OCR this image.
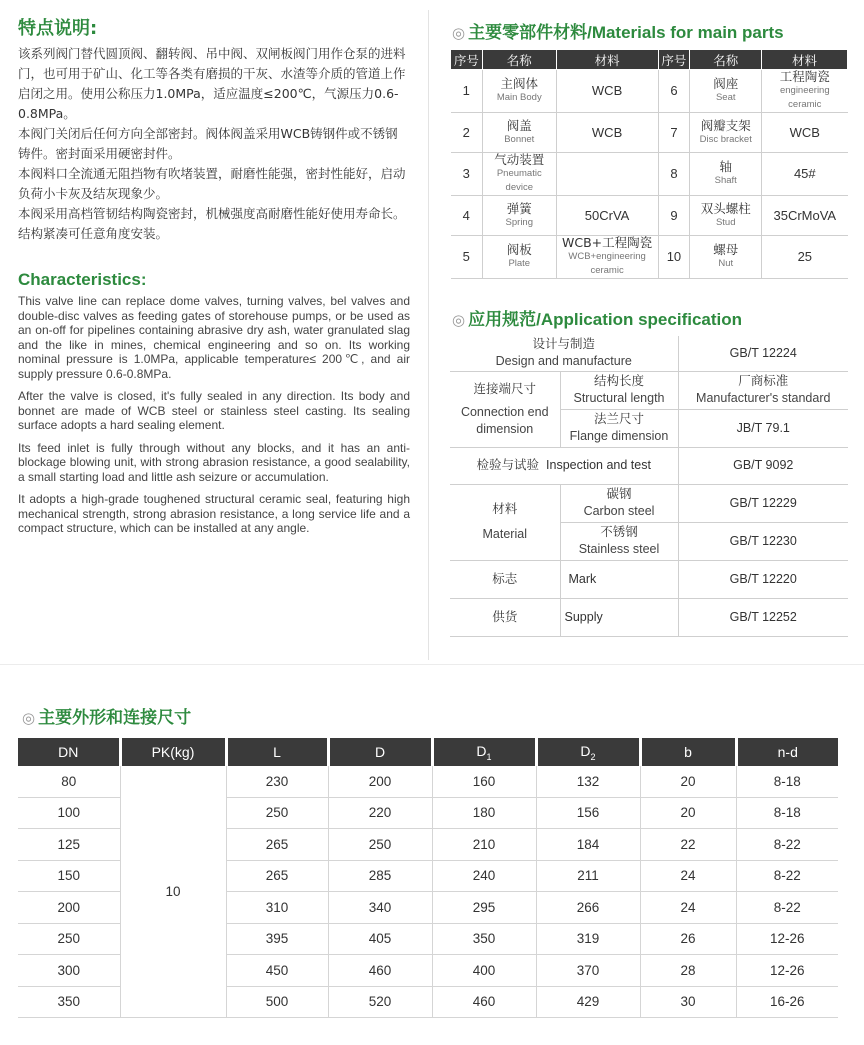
特点说明:

该系列阀门替代圆顶阀、翻转阀、吊中阀、双闸板阀门用作仓泵的进料门，也可用于矿山、化工等各类有磨损的干灰、水渣等介质的管道上作启闭之用。使用公称压力1.0MPa，适应温度≤200℃，气源压力0.6-0.8MPa。

本阀门关闭后任何方向全部密封。阀体阀盖采用WCB铸钢件或不锈钢铸件。密封面采用硬密封件。

本阀料口全流通无阻挡物有吹堵装置，耐磨性能强，密封性能好，启动负荷小卡灰及结灰现象少。

本阀采用高档管韧结构陶瓷密封，机械强度高耐磨性能好使用寿命长。结构紧凑可任意角度安装。

Characteristics:

This valve line can replace dome valves, turning valves, bel valves and double-disc valves as feeding gates of storehouse pumps, or be used as an on-off for pipelines containing abrasive dry ash, water granulated slag and the like in mines, chemical engineering and so on. Its working nominal pressure is 1.0MPa, applicable temperature≤ 200℃, and air supply pressure 0.6-0.8MPa.

After the valve is closed, it's fully sealed in any direction. Its body and bonnet are made of WCB steel or stainless steel casting. Its sealing surface adopts a hard sealing element.

Its feed inlet is fully through without any blocks, and it has an anti-blockage blowing unit, with strong abrasion resistance, a good sealability, a small starting load and little ash seizure or accumulation.

It adopts a high-grade toughened structural ceramic seal, featuring high mechanical strength, strong abrasion resistance, a long service life and a compact structure, which can be installed at any angle.

◎ 主要零部件材料/Materials for main parts
序号	名称	材料	序号	名称	材料
1	主阀体
Main Body	WCB	6	阀座
Seat	工程陶瓷
engineering ceramic

2	阀盖
Bonnet	WCB	7	阀瓣支架
Disc bracket	WCB
3	气动装置
Pneumatic device		8	轴
Shaft	45#
4	弹簧
Spring	50CrVA	9	双头螺柱
Stud	35CrMoVA
5	阀板
Plate	WCB+工程陶瓷
WCB+engineering ceramic	10	螺母
Nut	25
◎ 应用规范/Application specification
设计与制造
Design and manufacture		GB/T 12224

连接端尺寸
Connection end
dimension	结构长度
Structural length	厂商标准
Manufacturer's standard

	法兰尺寸
Flange dimension	JB/T 79.1
检验与试验 Inspection and test		GB/T 9092

材料
Material	碳钢
Carbon steel	GB/T 12229

	不锈钢
Stainless steel	GB/T 12230
标志	Mark	GB/T 12220
供货	Supply	GB/T 12252
◎ 主要外形和连接尺寸
DN	PK(kg)	L	D	$D_1$	$D_2$	b	n-d
80	10	230	200	160	132	20	8-18
100		250	220	180	156	20	8-18
125		265	250	210	184	22	8-22
150		265	285	240	211	24	8-22
200		310	340	295	266	24	8-22
250		395	405	350	319	26	12-26
300		450	460	400	370	28	12-26
350		500	520	460	429	30	16-26
